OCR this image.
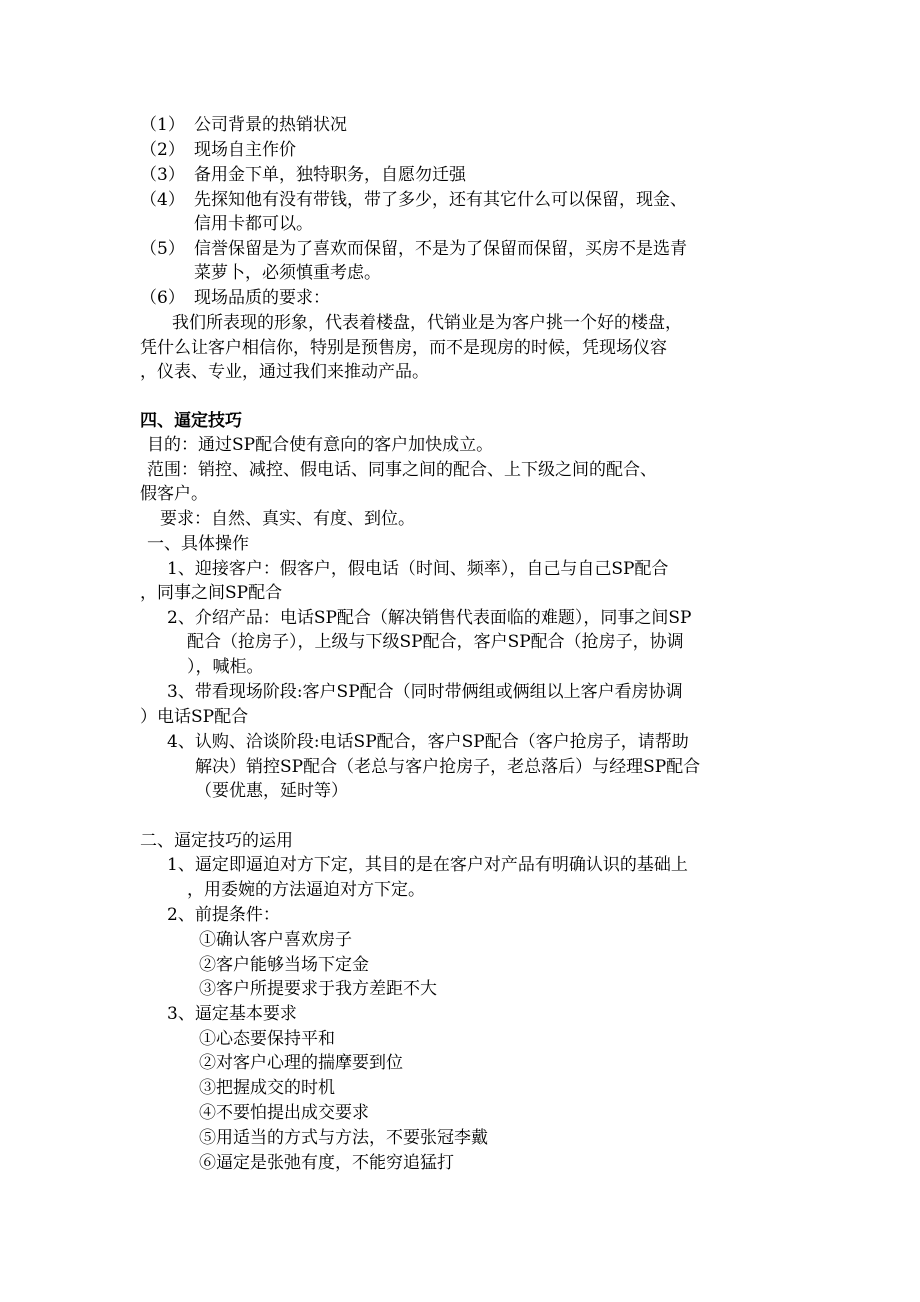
（1） 公司背景的热销状况
（2） 现场自主作价
（3） 备用金下单，独特职务，自愿勿迁强
（4） 先探知他有没有带钱，带了多少，还有其它什么可以保留，现金、
信用卡都可以。
（5） 信誉保留是为了喜欢而保留，不是为了保留而保留，买房不是选青
菜萝卜，必须慎重考虑。
（6） 现场品质的要求：
我们所表现的形象，代表着楼盘，代销业是为客户挑一个好的楼盘，
凭什么让客户相信你，特别是预售房，而不是现房的时候，凭现场仪容
，仪表、专业，通过我们来推动产品。
四、逼定技巧
目的：通过SP配合使有意向的客户加快成立。
范围：销控、减控、假电话、同事之间的配合、上下级之间的配合、
假客户。
要求：自然、真实、有度、到位。
一、具体操作
1、迎接客户：假客户，假电话（时间、频率），自己与自己SP配合
，同事之间SP配合
2、介绍产品：电话SP配合（解决销售代表面临的难题），同事之间SP
配合（抢房子），上级与下级SP配合，客户SP配合（抢房子，协调
），喊柜。
3、带看现场阶段:客户SP配合（同时带俩组或俩组以上客户看房协调
）电话SP配合
4、认购、洽谈阶段:电话SP配合，客户SP配合（客户抢房子，请帮助
解决）销控SP配合（老总与客户抢房子，老总落后）与经理SP配合
（要优惠，延时等）
二、逼定技巧的运用
1、逼定即逼迫对方下定，其目的是在客户对产品有明确认识的基础上
，用委婉的方法逼迫对方下定。
2、前提条件：
①确认客户喜欢房子
②客户能够当场下定金
③客户所提要求于我方差距不大
3、逼定基本要求
①心态要保持平和
②对客户心理的揣摩要到位
③把握成交的时机
④不要怕提出成交要求
⑤用适当的方式与方法，不要张冠李戴
⑥逼定是张弛有度，不能穷追猛打
